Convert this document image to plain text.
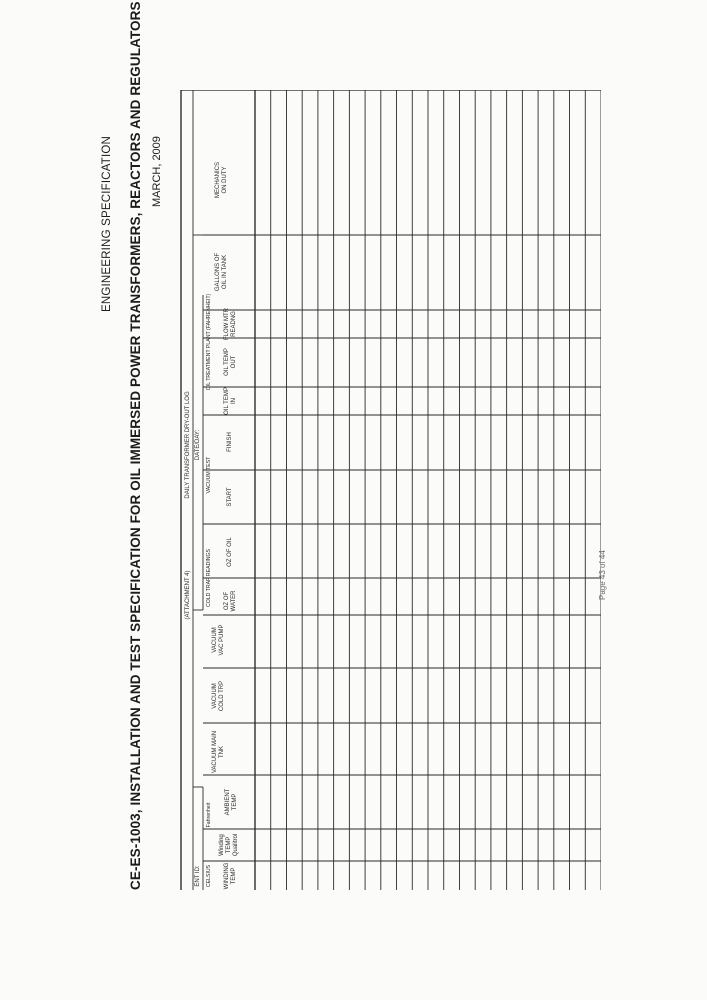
ENGINEERING SPECIFICATION CE-ES-1003, INSTALLATION AND TEST SPECIFICATION FOR OIL IMMERSED POWER TRANSFORMERS, REACTORS AND REGULATORS MARCH, 2009
(ATTACHMENT 4)
DAILY TRANSFORMER DRY-OUT LOG DATE/DAY:
ENT ID: CELSIUS
Fahrenheit
COLD TRAP READINGS
VACUUM TEST
OIL TREATMENT PLANT (FAHRENHEIT)
WINDINGTEMP
WindingTEMPQualitrol
AMBIENTTEMP
VACUUM MAINTNK
VACUUMCOLD TRP
VACUUMVAC PUMP
OZ OFWATER
OZ OF OIL
START
FINISH
OIL TEMPIN
OIL TEMPOUT
FLOW MTRREADNG
GALLONS OFOIL IN TANK
MECHANICSON DUTY
Page 43 of 44
